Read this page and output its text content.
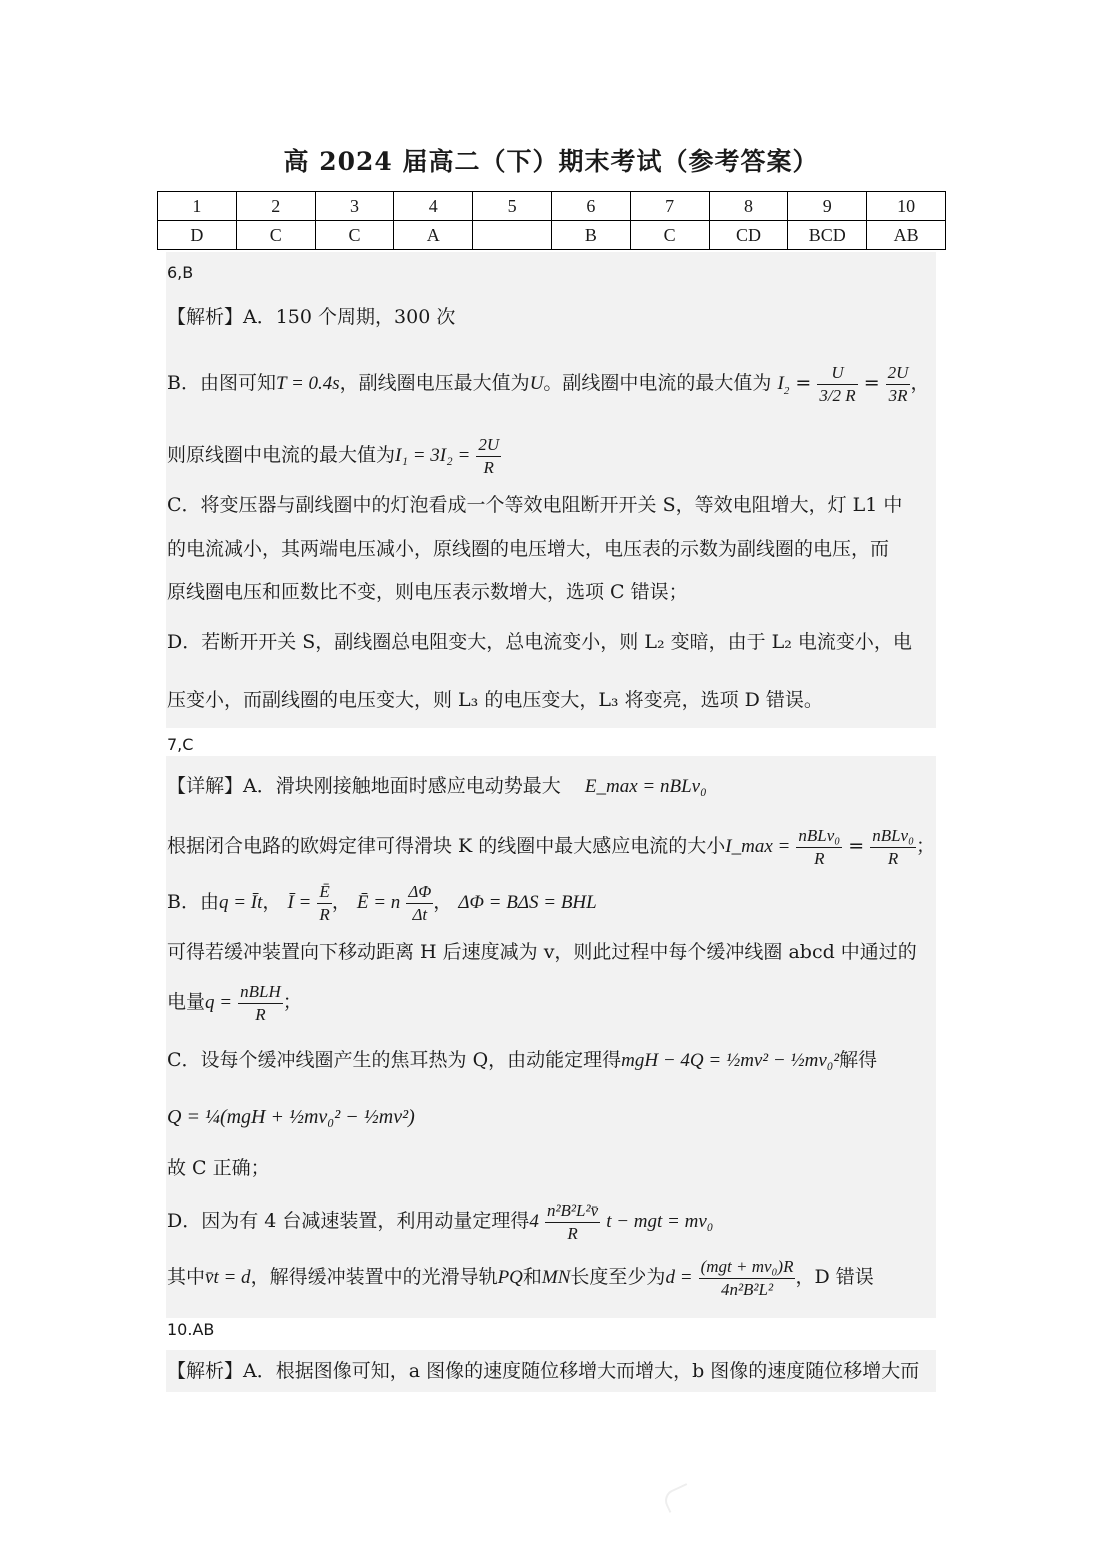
高 2024 届高二（下）期末考试（参考答案）
1	2	3	4	5	6	7	8	9	10
D	C	C	A		B	C	CD	BCD	AB
6,B
【解析】A．150 个周期，300 次
B．由图可知T = 0.4s，副线圈电压最大值为U。副线圈中电流的最大值为 $I_2 = \frac{U}{3/2 R} = \frac{2U}{3R}$ ，
则原线圈中电流的最大值为$I_1 = 3I_2 = \frac{2U}{R}$
C．将变压器与副线圈中的灯泡看成一个等效电阻断开开关 S，等效电阻增大，灯 L1 中
的电流减小，其两端电压减小，原线圈的电压增大，电压表的示数为副线圈的电压，而
原线圈电压和匝数比不变，则电压表示数增大，选项 C 错误；
D．若断开开关 S，副线圈总电阻变大，总电流变小，则 L₂ 变暗，由于 L₂ 电流变小，电
压变小，而副线圈的电压变大，则 L₃ 的电压变大，L₃ 将变亮，选项 D 错误。
7,C
【详解】A．滑块刚接触地面时感应电动势最大 E_max = nBLv₀
根据闭合电路的欧姆定律可得滑块 K 的线圈中最大感应电流的大小I_max = $\frac{\text{nBLv₀}}{R} = \frac{\text{nBLv₀}}{R}$ ；
B．由q = Īt， Ī = $\frac{Ē}{R}$ ， Ē = n $\frac{\Delta\Phi}{\Delta t}$ ， ΔΦ = BΔS = BHL
可得若缓冲装置向下移动距离 H 后速度减为 v，则此过程中每个缓冲线圈 abcd 中通过的
电量$q = \frac{\text{nBLH}}{R}$ ；
C．设每个缓冲线圈产生的焦耳热为 Q，由动能定理得mgH − 4Q = ½mv² − ½mv₀²解得
Q = ¼(mgH + ½mv₀² − ½mv²)
故 C 正确；
D．因为有 4 台减速装置，利用动量定理得$4 \frac{\text{n²B²L²v̄}}{R}$ t − mgt = mv₀
其中v̄t = d，解得缓冲装置中的光滑导轨PQ和MN长度至少为$d = \frac{\text{(mgt + mv₀)R}}{\text{4n²B²L²}}$ ，D 错误
10.AB
【解析】A．根据图像可知，a 图像的速度随位移增大而增大，b 图像的速度随位移增大而
